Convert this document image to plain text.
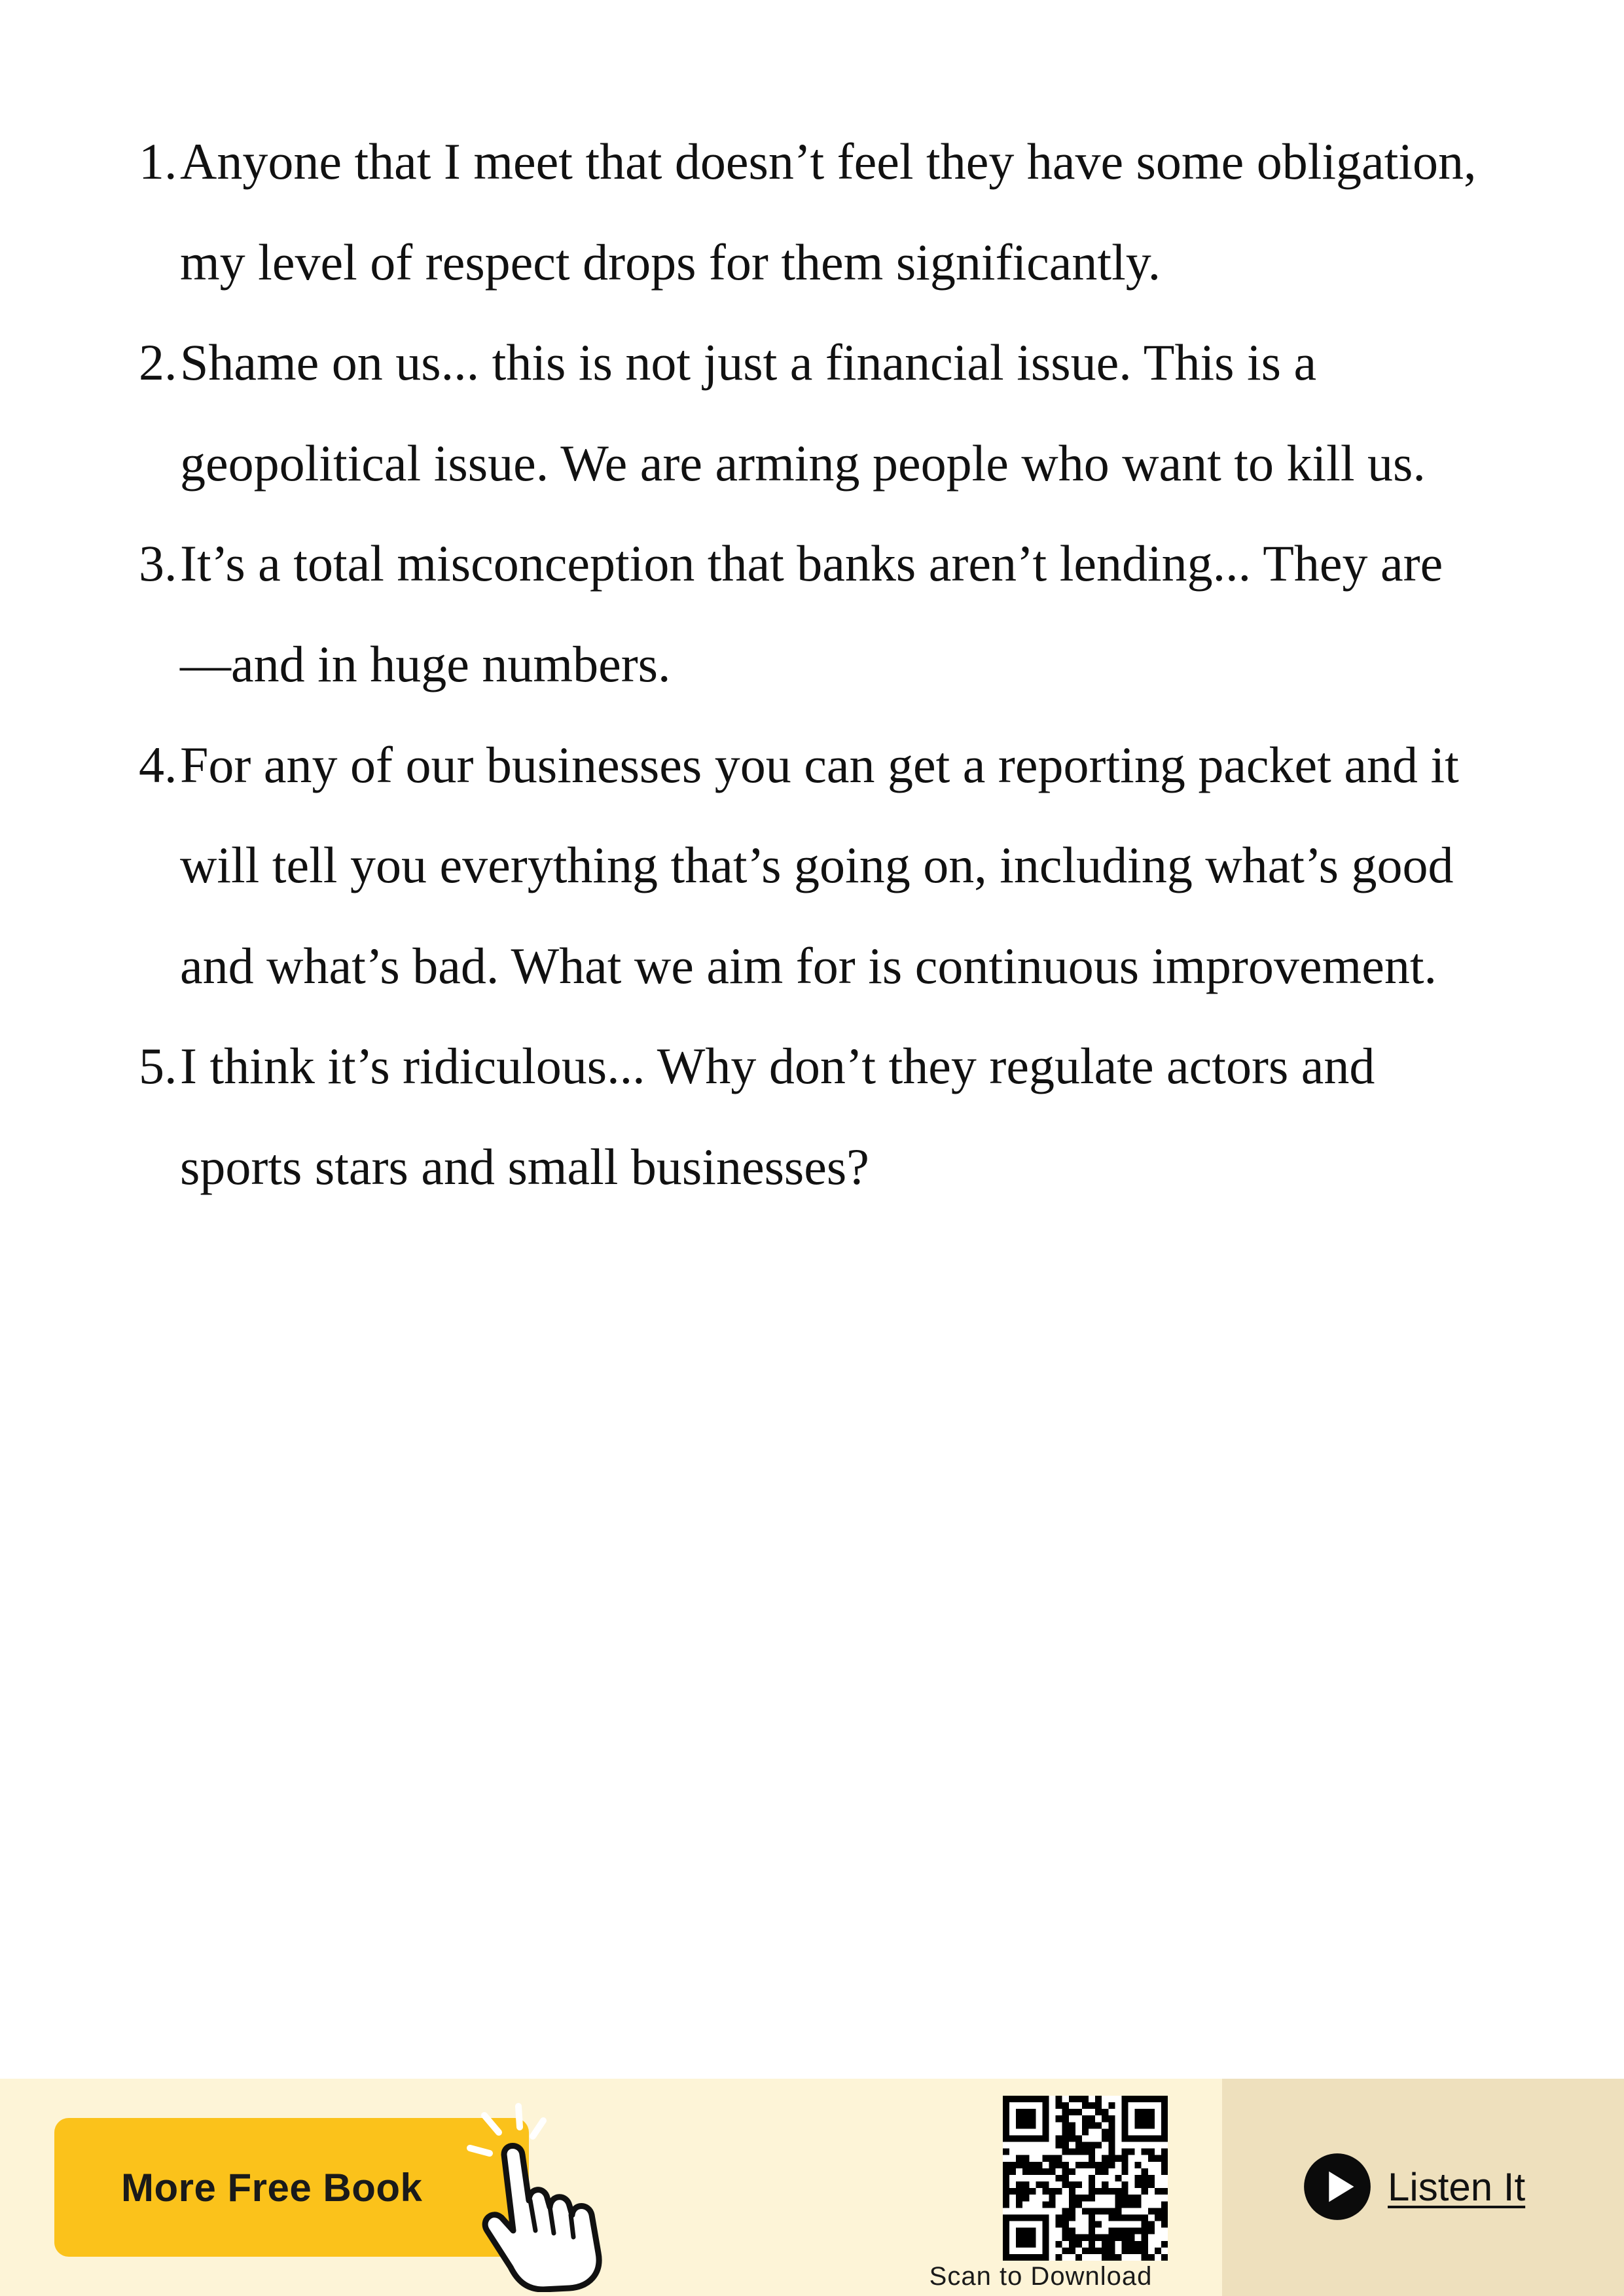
1. Anyone that I meet that doesn’t feel they have some obligation, my level of respect drops for them significantly.
2. Shame on us... this is not just a financial issue. This is a geopolitical issue. We are arming people who want to kill us.
3. It’s a total misconception that banks aren’t lending... They are—and in huge numbers.
4. For any of our businesses you can get a reporting packet and it will tell you everything that’s going on, including what’s good and what’s bad. What we aim for is continuous improvement.
5. I think it’s ridiculous... Why don’t they regulate actors and sports stars and small businesses?
More Free Book
Scan to Download
Listen It
